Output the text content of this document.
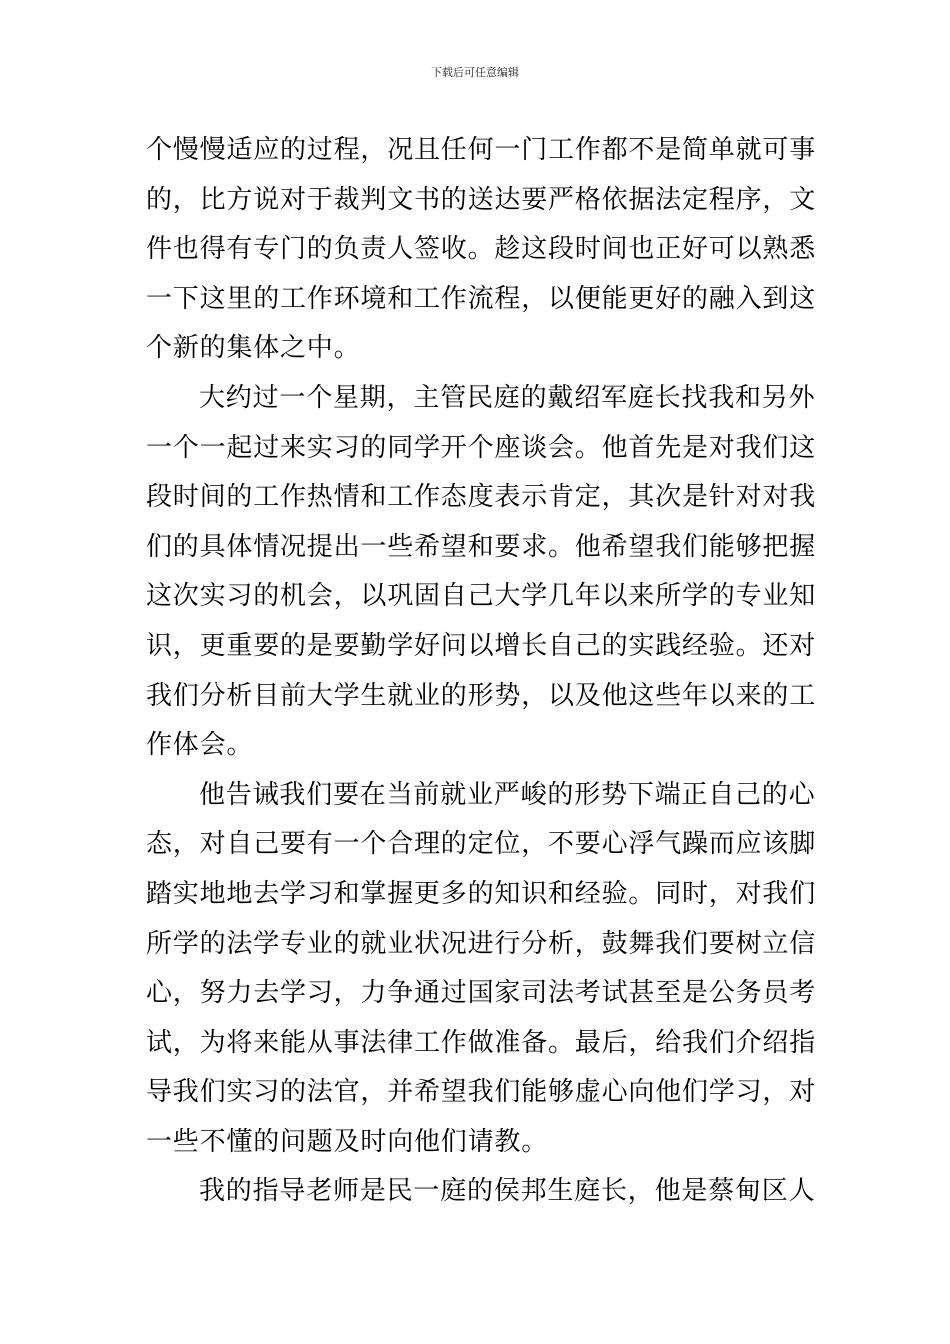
下载后可任意编辑
个慢慢适应的过程，况且任何一门工作都不是简单就可事
的，比方说对于裁判文书的送达要严格依据法定程序，文
件也得有专门的负责人签收。趁这段时间也正好可以熟悉
一下这里的工作环境和工作流程，以便能更好的融入到这
个新的集体之中。
大约过一个星期，主管民庭的戴绍军庭长找我和另外
一个一起过来实习的同学开个座谈会。他首先是对我们这
段时间的工作热情和工作态度表示肯定，其次是针对对我
们的具体情况提出一些希望和要求。他希望我们能够把握
这次实习的机会，以巩固自己大学几年以来所学的专业知
识，更重要的是要勤学好问以增长自己的实践经验。还对
我们分析目前大学生就业的形势，以及他这些年以来的工
作体会。
他告诫我们要在当前就业严峻的形势下端正自己的心
态，对自己要有一个合理的定位，不要心浮气躁而应该脚
踏实地地去学习和掌握更多的知识和经验。同时，对我们
所学的法学专业的就业状况进行分析，鼓舞我们要树立信
心，努力去学习，力争通过国家司法考试甚至是公务员考
试，为将来能从事法律工作做准备。最后，给我们介绍指
导我们实习的法官，并希望我们能够虚心向他们学习，对
一些不懂的问题及时向他们请教。
我的指导老师是民一庭的侯邦生庭长，他是蔡甸区人
